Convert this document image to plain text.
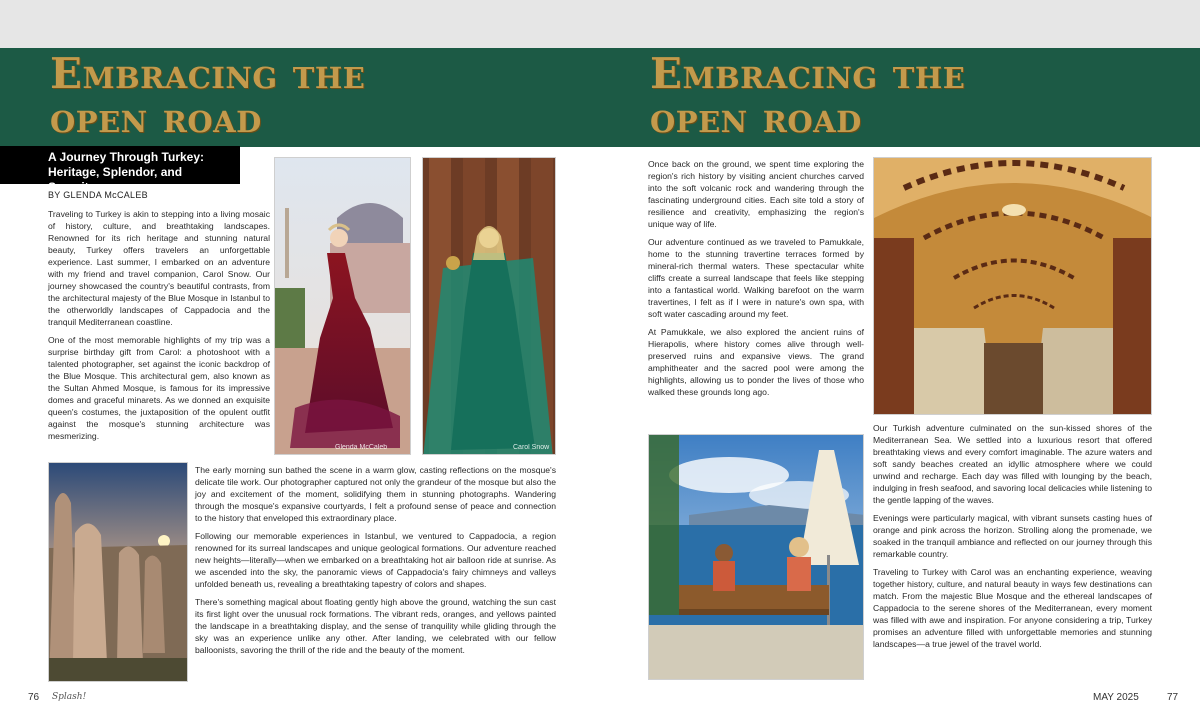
Embracing the
open road
A Journey Through Turkey:
Heritage, Splendor, and Serenity
BY GLENDA McCALEB

Traveling to Turkey is akin to stepping into a living mosaic of history, culture, and breathtaking landscapes. Renowned for its rich heritage and stunning natural beauty, Turkey offers travelers an unforgettable experience. Last summer, I embarked on an adventure with my friend and travel companion, Carol Snow. Our journey showcased the country's beautiful contrasts, from the architectural majesty of the Blue Mosque in Istanbul to the otherworldly landscapes of Cappadocia and the tranquil Mediterranean coastline.

One of the most memorable highlights of my trip was a surprise birthday gift from Carol: a photoshoot with a talented photographer, set against the iconic backdrop of the Blue Mosque. This architectural gem, also known as the Sultan Ahmed Mosque, is famous for its impressive domes and graceful minarets. As we donned an exquisite queen's costumes, the juxtaposition of the opulent outfit against the mosque's stunning architecture was mesmerizing.

Glenda McCaleb	Carol Snow

The early morning sun bathed the scene in a warm glow, casting reflections on the mosque's delicate tile work. Our photographer captured not only the grandeur of the mosque but also the joy and excitement of the moment, solidifying them in stunning photographs. Wandering through the mosque's expansive courtyards, I felt a profound sense of peace and connection to the history that enveloped this extraordinary place.

Following our memorable experiences in Istanbul, we ventured to Cappadocia, a region renowned for its surreal landscapes and unique geological formations. Our adventure reached new heights—literally—when we embarked on a breathtaking hot air balloon ride at sunrise. As we ascended into the sky, the panoramic views of Cappadocia's fairy chimneys and valleys unfolded beneath us, revealing a breathtaking tapestry of colors and shapes.

There's something magical about floating gently high above the ground, watching the sun cast its first light over the unusual rock formations. The vibrant reds, oranges, and yellows painted the landscape in a breathtaking display, and the sense of tranquility while gliding through the sky was an experience unlike any other. After landing, we celebrated with our fellow balloonists, savoring the thrill of the ride and the beauty of the moment.

76 Splash!
Embracing the
open road

Once back on the ground, we spent time exploring the region's rich history by visiting ancient churches carved into the soft volcanic rock and wandering through the fascinating underground cities. Each site told a story of resilience and creativity, emphasizing the region's unique way of life.

Our adventure continued as we traveled to Pamukkale, home to the stunning travertine terraces formed by mineral-rich thermal waters. These spectacular white cliffs create a surreal landscape that feels like stepping into a fantastical world. Walking barefoot on the warm travertines, I felt as if I were in nature's own spa, with soft water cascading around my feet.

At Pamukkale, we also explored the ancient ruins of Hierapolis, where history comes alive through well-preserved ruins and expansive views. The grand amphitheater and the sacred pool were among the highlights, allowing us to ponder the lives of those who walked these grounds long ago.

Our Turkish adventure culminated on the sun-kissed shores of the Mediterranean Sea. We settled into a luxurious resort that offered breathtaking views and every comfort imaginable. The azure waters and soft sandy beaches created an idyllic atmosphere where we could unwind and recharge. Each day was filled with lounging by the beach, indulging in fresh seafood, and savoring local delicacies while listening to the gentle lapping of the waves.

Evenings were particularly magical, with vibrant sunsets casting hues of orange and pink across the horizon. Strolling along the promenade, we soaked in the tranquil ambiance and reflected on our journey through this remarkable country.

Traveling to Turkey with Carol was an enchanting experience, weaving together history, culture, and natural beauty in ways few destinations can match. From the majestic Blue Mosque and the ethereal landscapes of Cappadocia to the serene shores of the Mediterranean, every moment was filled with awe and inspiration. For anyone considering a trip, Turkey promises an adventure filled with unforgettable memories and stunning landscapes—a true jewel of the travel world.

MAY 2025	77
